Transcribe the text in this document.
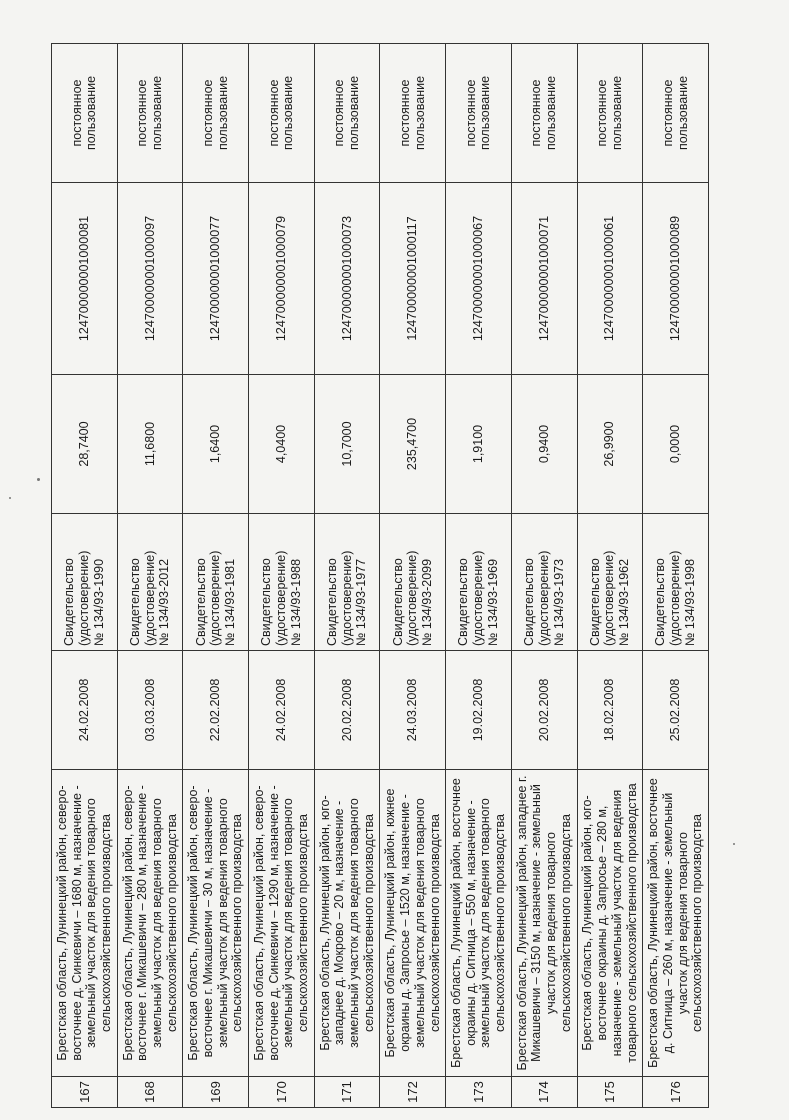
167	Брестская область, Лунинецкий район, северо-восточнее д. Синкевичи – 1680 м, назначение - земельный участок для ведения товарного сельскохозяйственного производства	24.02.2008	Свидетельство (удостоверение) № 134/93-1990	28,7400	124700000001000081	постоянное пользование
168	Брестская область, Лунинецкий район, северо-восточнее г. Микашевичи – 280 м, назначение - земельный участок для ведения товарного сельскохозяйственного производства	03.03.2008	Свидетельство (удостоверение) № 134/93-2012	11,6800	124700000001000097	постоянное пользование
169	Брестская область, Лунинецкий район, северо-восточнее г. Микашевичи – 30 м, назначение - земельный участок для ведения товарного сельскохозяйственного производства	22.02.2008	Свидетельство (удостоверение) № 134/93-1981	1,6400	124700000001000077	постоянное пользование
170	Брестская область, Лунинецкий район, северо-восточнее д. Синкевичи – 1290 м, назначение - земельный участок для ведения товарного сельскохозяйственного производства	24.02.2008	Свидетельство (удостоверение) № 134/93-1988	4,0400	124700000001000079	постоянное пользование
171	Брестская область, Лунинецкий район, юго-западнее д. Мокрово – 20 м, назначение - земельный участок для ведения товарного сельскохозяйственного производства	20.02.2008	Свидетельство (удостоверение) № 134/93-1977	10,7000	124700000001000073	постоянное пользование
172	Брестская область, Лунинецкий район, южнее окраины д. Запросье – 1520 м, назначение - земельный участок для ведения товарного сельскохозяйственного производства	24.03.2008	Свидетельство (удостоверение) № 134/93-2099	235,4700	124700000001000117	постоянное пользование
173	Брестская область, Лунинецкий район, восточнее окраины д. Ситница – 550 м, назначение - земельный участок для ведения товарного сельскохозяйственного производства	19.02.2008	Свидетельство (удостоверение) № 134/93-1969	1,9100	124700000001000067	постоянное пользование
174	Брестская область, Лунинецкий район, западнее г. Микашевичи – 3150 м, назначение - земельный участок для ведения товарного сельскохозяйственного производства	20.02.2008	Свидетельство (удостоверение) № 134/93-1973	0,9400	124700000001000071	постоянное пользование
175	Брестская область, Лунинецкий район, юго-восточнее окраины д. Запросье – 280 м, назначение - земельный участок для ведения товарного сельскохозяйственного производства	18.02.2008	Свидетельство (удостоверение) № 134/93-1962	26,9900	124700000001000061	постоянное пользование
176	Брестская область, Лунинецкий район, восточнее д. Ситница – 260 м, назначение - земельный участок для ведения товарного сельскохозяйственного производства	25.02.2008	Свидетельство (удостоверение) № 134/93-1998	0,0000	124700000001000089	постоянное пользование
